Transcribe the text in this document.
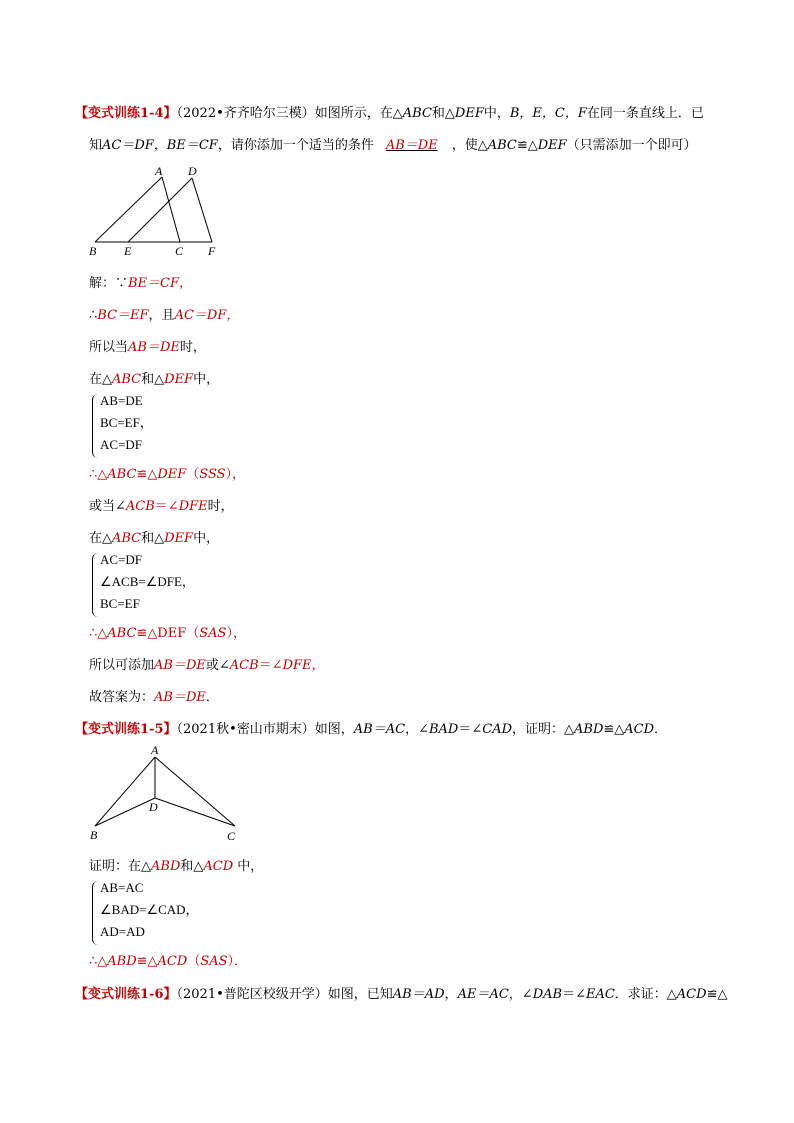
【变式训练1-4】（2022•齐齐哈尔三模）如图所示，在△ABC和△DEF中，B，E，C，F在同一条直线上．已
知AC＝DF，BE＝CF，请你添加一个适当的条件 AB＝DE ，使△ABC≌△DEF（只需添加一个即可）
A D
B E	C F
解：∵BE＝CF，
∴BC＝EF，且AC＝DF，
所以当AB＝DE时，
在△ABC和△DEF中，
AB=DE
BC=EF，
AC=DF
∴△ABC≌△DEF（SSS），
或当∠ACB＝∠DFE时，
在△ABC和△DEF中，
AC=DF
∠ACB=∠DFE，
BC=EF
∴△ABC≌△DEF（SAS），
所以可添加AB＝DE或∠ACB＝∠DFE，
故答案为：AB＝DE．
【变式训练1-5】（2021秋•密山市期末）如图，AB＝AC，∠BAD＝∠CAD，证明：△ABD≌△ACD．
A
D
B	C
证明：在△ABD和△ACD 中，
AB=AC
∠BAD=∠CAD，
AD=AD
∴△ABD≌△ACD（SAS）．
【变式训练1-6】（2021•普陀区校级开学）如图，已知AB＝AD，AE＝AC，∠DAB＝∠EAC．求证：△ACD≌△
